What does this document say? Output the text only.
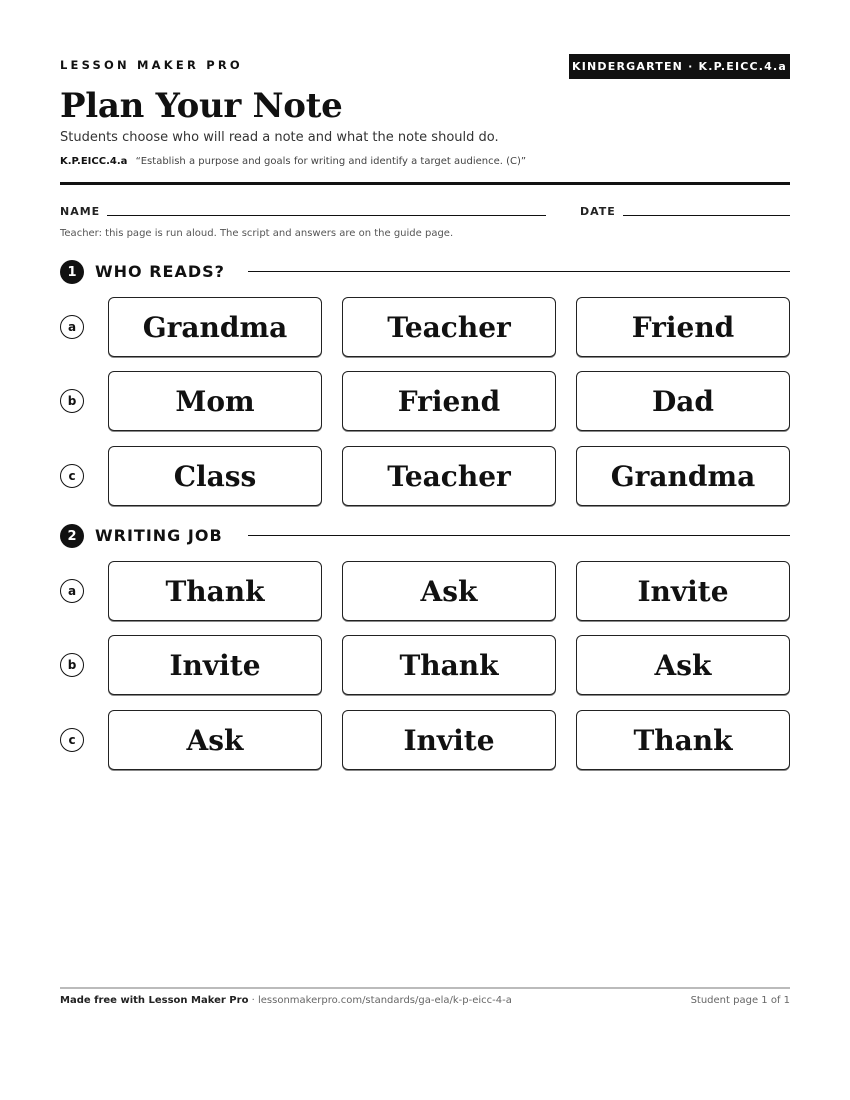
LESSON MAKER PRO	KINDERGARTEN · K.P.EICC.4.a
Plan Your Note
Students choose who will read a note and what the note should do.
K.P.EICC.4.a “Establish a purpose and goals for writing and identify a target audience. (C)”
NAME	DATE
Teacher: this page is run aloud. The script and answers are on the guide page.
1	WHO READS?
a	Grandma	Teacher	Friend
b	Mom	Friend	Dad
c	Class	Teacher	Grandma
2	WRITING JOB
a	Thank	Ask	Invite
b	Invite	Thank	Ask
c	Ask	Invite	Thank
Made free with Lesson Maker Pro · lessonmakerpro.com/standards/ga-ela/k-p-eicc-4-a	Student page 1 of 1
